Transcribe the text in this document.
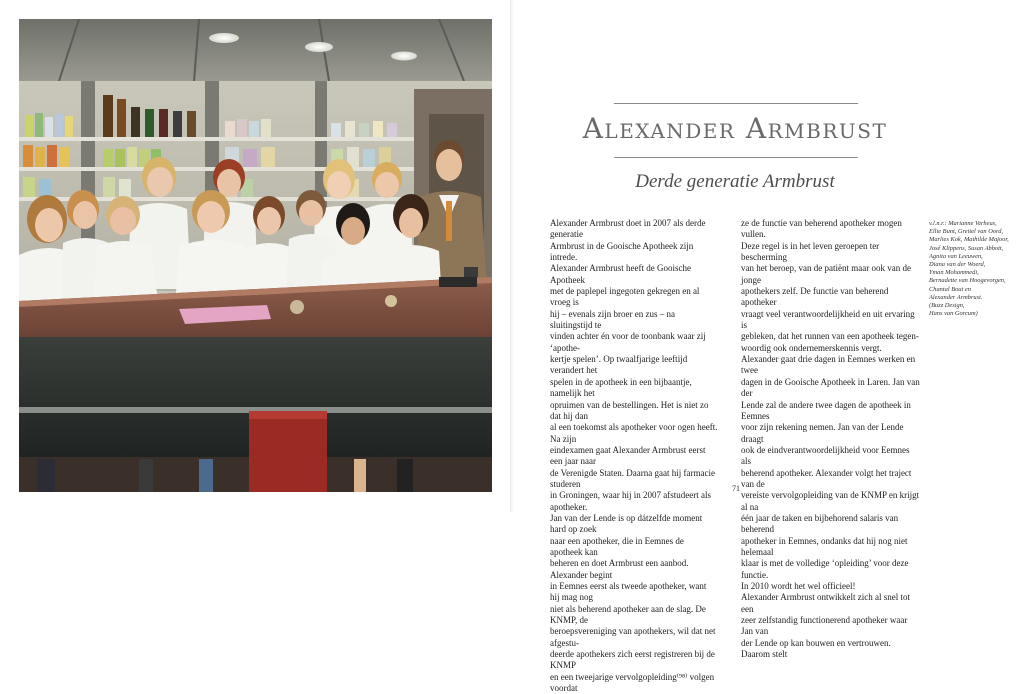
Alexander Armbrust
Derde generatie Armbrust

Alexander Armbrust doet in 2007 als derde generatie

Armbrust in de Gooische Apotheek zijn intrede.

Alexander Armbrust heeft de Gooische Apotheek

met de paplepel ingegoten gekregen en al vroeg is

hij – evenals zijn broer en zus – na sluitingstijd te

vinden achter én voor de toonbank waar zij ‘apothe-

kertje spelen’. Op twaalfjarige leeftijd verandert het

spelen in de apotheek in een bijbaantje, namelijk het

opruimen van de bestellingen. Het is niet zo dat hij dan

al een toekomst als apotheker voor ogen heeft. Na zijn

eindexamen gaat Alexander Armbrust eerst een jaar naar

de Verenigde Staten. Daarna gaat hij farmacie studeren

in Groningen, waar hij in 2007 afstudeert als apotheker.

Jan van der Lende is op dátzelfde moment hard op zoek

naar een apotheker, die in Eemnes de apotheek kan

beheren en doet Armbrust een aanbod. Alexander begint

in Eemnes eerst als tweede apotheker, want hij mag nog

niet als beherend apotheker aan de slag. De KNMP, de

beroepsvereniging van apothekers, wil dat net afgestu-

deerde apothekers zich eerst registreren bij de KNMP

en een tweejarige vervolgopleiding⁽⁹⁸⁾ volgen voordat

ze de functie van beherend apotheker mogen vullen.

Deze regel is in het leven geroepen ter bescherming

van het beroep, van de patiënt maar ook van de jonge

apothekers zelf. De functie van beherend apotheker

vraagt veel verantwoordelijkheid en uit ervaring is

gebleken, dat het runnen van een apotheek tegen-

woordig ook ondernemerskennis vergt.

Alexander gaat drie dagen in Eemnes werken en twee

dagen in de Gooische Apotheek in Laren. Jan van der

Lende zal de andere twee dagen de apotheek in Eemnes

voor zijn rekening nemen. Jan van der Lende draagt

ook de eindverantwoordelijkheid voor Eemnes als

beherend apotheker. Alexander volgt het traject van de

vereiste vervolgopleiding van de KNMP en krijgt al na

één jaar de taken en bijbehorend salaris van beherend

apotheker in Eemnes, ondanks dat hij nog niet helemaal

klaar is met de volledige ‘opleiding’ voor deze functie.

In 2010 wordt het wel officieel!

Alexander Armbrust ontwikkelt zich al snel tot een

zeer zelfstandig functionerend apotheker waar Jan van

der Lende op kan bouwen en vertrouwen. Daarom stelt

v.l.n.r.: Marianne Verheus,

Ellie Bunt, Greitel van Oord,

Marlies Kok, Mathilde Majoor,

José Klippens, Susan Abbott,

Agnita van Leeuwen,

Diana van der Woerd,

Yman Mohammedi,

Bernadette van Hoogevorgen,

Chantal Bout en

Alexander Armbrust.

(Buzz Design,

Hans van Gorcum)

71
